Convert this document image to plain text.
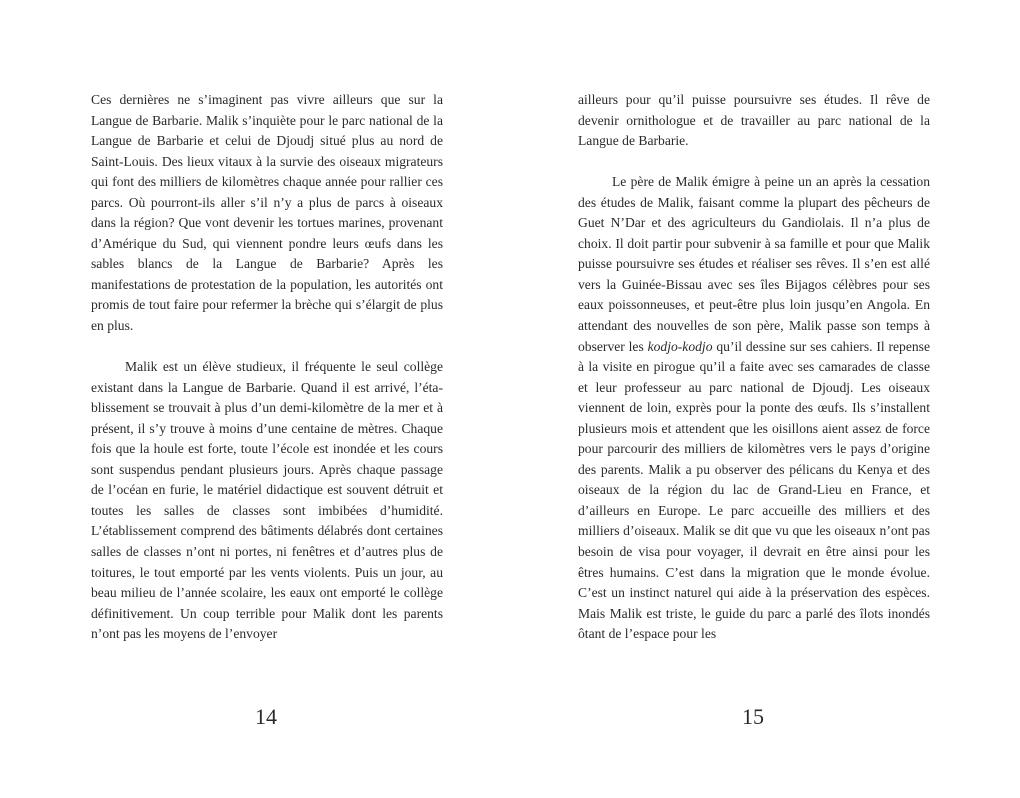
Ces dernières ne s’imaginent pas vivre ailleurs que sur la Langue de Barbarie. Malik s’inquiète pour le parc national de la Langue de Barbarie et celui de Djoudj situé plus au nord de Saint-Louis. Des lieux vitaux à la survie des oiseaux migrateurs qui font des milliers de kilomètres chaque année pour rallier ces parcs. Où pourront-ils aller s’il n’y a plus de parcs à oiseaux dans la région? Que vont devenir les tortues marines, provenant d’Amérique du Sud, qui viennent pondre leurs œufs dans les sables blancs de la Langue de Barbarie? Après les manifestations de protestation de la population, les autorités ont promis de tout faire pour refermer la brèche qui s’élargit de plus en plus.

Malik est un élève studieux, il fréquente le seul collège existant dans la Langue de Barbarie. Quand il est arrivé, l’établissement se trouvait à plus d’un demi-kilomètre de la mer et à présent, il s’y trouve à moins d’une centaine de mètres. Chaque fois que la houle est forte, toute l’école est inondée et les cours sont suspendus pendant plusieurs jours. Après chaque passage de l’océan en furie, le matériel didactique est souvent détruit et toutes les salles de classes sont imbibées d’humidité. L’établissement comprend des bâtiments délabrés dont certaines salles de classes n’ont ni portes, ni fenêtres et d’autres plus de toitures, le tout emporté par les vents violents. Puis un jour, au beau milieu de l’année scolaire, les eaux ont emporté le collège définitivement. Un coup terrible pour Malik dont les parents n’ont pas les moyens de l’envoyer

14

ailleurs pour qu’il puisse poursuivre ses études. Il rêve de devenir ornithologue et de travailler au parc national de la Langue de Barbarie.

Le père de Malik émigre à peine un an après la cessation des études de Malik, faisant comme la plupart des pêcheurs de Guet N’Dar et des agriculteurs du Gandiolais. Il n’a plus de choix. Il doit partir pour subvenir à sa famille et pour que Malik puisse poursuivre ses études et réaliser ses rêves. Il s’en est allé vers la Guinée-Bissau avec ses îles Bijagos célèbres pour ses eaux poissonneuses, et peut-être plus loin jusqu’en Angola. En attendant des nouvelles de son père, Malik passe son temps à observer les kodjo-kodjo qu’il dessine sur ses cahiers. Il repense à la visite en pirogue qu’il a faite avec ses camarades de classe et leur professeur au parc national de Djoudj. Les oiseaux viennent de loin, exprès pour la ponte des œufs. Ils s’installent plusieurs mois et attendent que les oisillons aient assez de force pour parcourir des milliers de kilomètres vers le pays d’origine des parents. Malik a pu observer des pélicans du Kenya et des oiseaux de la région du lac de Grand-Lieu en France, et d’ailleurs en Europe. Le parc accueille des milliers et des milliers d’oiseaux. Malik se dit que vu que les oiseaux n’ont pas besoin de visa pour voyager, il devrait en être ainsi pour les êtres humains. C’est dans la migration que le monde évolue. C’est un instinct naturel qui aide à la préservation des espèces. Mais Malik est triste, le guide du parc a parlé des îlots inondés ôtant de l’espace pour les

15
